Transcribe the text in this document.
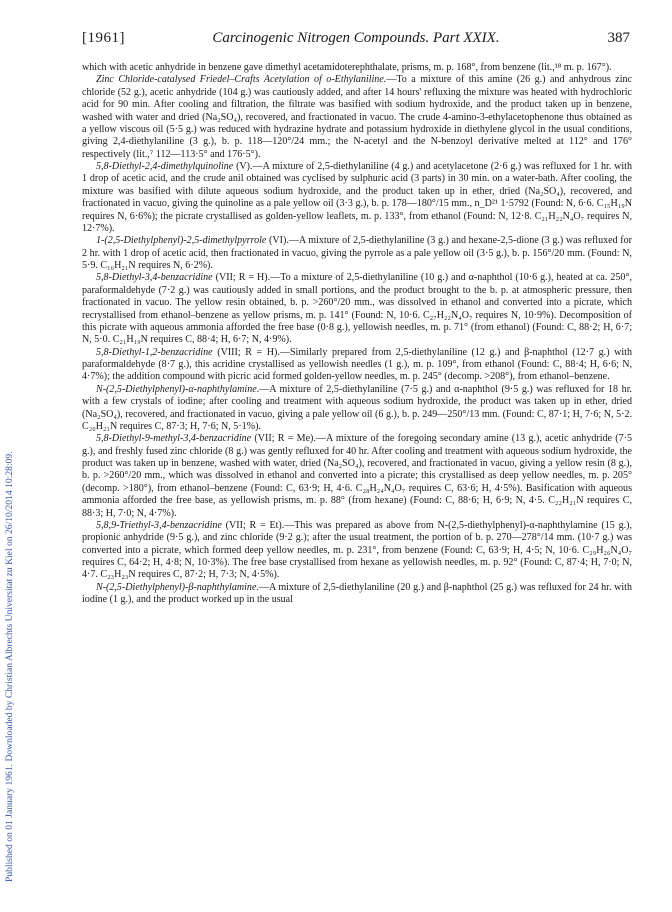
Published on 01 January 1961. Downloaded by Christian Albrechts Universitat zu Kiel on 26/10/2014 10:28:09.
[1961]	Carcinogenic Nitrogen Compounds. Part XXIX.	387

which with acetic anhydride in benzene gave dimethyl acetamidoterephthalate, prisms, m. p. 168°, from benzene (lit.,¹⁸ m. p. 167°).

Zinc Chloride-catalysed Friedel–Crafts Acetylation of o-Ethylaniline.—To a mixture of this amine (26 g.) and anhydrous zinc chloride (52 g.), acetic anhydride (104 g.) was cautiously added, and after 14 hours' refluxing the mixture was heated with hydrochloric acid for 90 min. After cooling and filtration, the filtrate was basified with sodium hydroxide, and the product taken up in benzene, washed with water and dried (Na₂SO₄), recovered, and fractionated in vacuo. The crude 4-amino-3-ethylacetophenone thus obtained as a yellow viscous oil (5·5 g.) was reduced with hydrazine hydrate and potassium hydroxide in diethylene glycol in the usual conditions, giving 2,4-diethylaniline (3 g.), b. p. 118—120°/24 mm.; the N-acetyl and the N-benzoyl derivative melted at 112° and 176° respectively (lit.,⁷ 112—113·5° and 176·5°).

5,8-Diethyl-2,4-dimethylquinoline (V).—A mixture of 2,5-diethylaniline (4 g.) and acetylacetone (2·6 g.) was refluxed for 1 hr. with 1 drop of acetic acid, and the crude anil obtained was cyclised by sulphuric acid (3 parts) in 30 min. on a water-bath. After cooling, the mixture was basified with dilute aqueous sodium hydroxide, and the product taken up in ether, dried (Na₂SO₄), recovered, and fractionated in vacuo, giving the quinoline as a pale yellow oil (3·3 g.), b. p. 178—180°/15 mm., n_D²¹ 1·5792 (Found: N, 6·6. C₁₅H₁₉N requires N, 6·6%); the picrate crystallised as golden-yellow leaflets, m. p. 133°, from ethanol (Found: N, 12·8. C₂₁H₂₂N₄O₇ requires N, 12·7%).

1-(2,5-Diethylphenyl)-2,5-dimethylpyrrole (VI).—A mixture of 2,5-diethylaniline (3 g.) and hexane-2,5-dione (3 g.) was refluxed for 2 hr. with 1 drop of acetic acid, then fractionated in vacuo, giving the pyrrole as a pale yellow oil (3·5 g.), b. p. 156°/20 mm. (Found: N, 5·9. C₁₆H₂₁N requires N, 6·2%).

5,8-Diethyl-3,4-benzacridine (VII; R = H).—To a mixture of 2,5-diethylaniline (10 g.) and α-naphthol (10·6 g.), heated at ca. 250°, paraformaldehyde (7·2 g.) was cautiously added in small portions, and the product brought to the b. p. at atmospheric pressure, then fractionated in vacuo. The yellow resin obtained, b. p. >260°/20 mm., was dissolved in ethanol and converted into a picrate, which recrystallised from ethanol–benzene as yellow prisms, m. p. 141° (Found: N, 10·6. C₂₇H₂₂N₄O₇ requires N, 10·9%). Decomposition of this picrate with aqueous ammonia afforded the free base (0·8 g.), yellowish needles, m. p. 71° (from ethanol) (Found: C, 88·2; H, 6·7; N, 5·0. C₂₁H₁₉N requires C, 88·4; H, 6·7; N, 4·9%).

5,8-Diethyl-1,2-benzacridine (VIII; R = H).—Similarly prepared from 2,5-diethylaniline (12 g.) and β-naphthol (12·7 g.) with paraformaldehyde (8·7 g.), this acridine crystallised as yellowish needles (1 g.), m. p. 109°, from ethanol (Found: C, 88·4; H, 6·6; N, 4·7%); the addition compound with picric acid formed golden-yellow needles, m. p. 245° (decomp. >208°), from ethanol–benzene.

N-(2,5-Diethylphenyl)-α-naphthylamine.—A mixture of 2,5-diethylaniline (7·5 g.) and α-naphthol (9·5 g.) was refluxed for 18 hr. with a few crystals of iodine; after cooling and treatment with aqueous sodium hydroxide, the product was taken up in ether, dried (Na₂SO₄), recovered, and fractionated in vacuo, giving a pale yellow oil (6 g.), b. p. 249—250°/13 mm. (Found: C, 87·1; H, 7·6; N, 5·2. C₂₀H₂₁N requires C, 87·3; H, 7·6; N, 5·1%).

5,8-Diethyl-9-methyl-3,4-benzacridine (VII; R = Me).—A mixture of the foregoing secondary amine (13 g.), acetic anhydride (7·5 g.), and freshly fused zinc chloride (8 g.) was gently refluxed for 40 hr. After cooling and treatment with aqueous sodium hydroxide, the product was taken up in benzene, washed with water, dried (Na₂SO₄), recovered, and fractionated in vacuo, giving a yellow resin (8 g.), b. p. >260°/20 mm., which was dissolved in ethanol and converted into a picrate; this crystallised as deep yellow needles, m. p. 205° (decomp. >180°), from ethanol–benzene (Found: C, 63·9; H, 4·6. C₂₈H₂₄N₄O₇ requires C, 63·6; H, 4·5%). Basification with aqueous ammonia afforded the free base, as yellowish prisms, m. p. 88° (from hexane) (Found: C, 88·6; H, 6·9; N, 4·5. C₂₂H₂₁N requires C, 88·3; H, 7·0; N, 4·7%).

5,8,9-Triethyl-3,4-benzacridine (VII; R = Et).—This was prepared as above from N-(2,5-diethylphenyl)-α-naphthylamine (15 g.), propionic anhydride (9·5 g.), and zinc chloride (9·2 g.); after the usual treatment, the portion of b. p. 270—278°/14 mm. (10·7 g.) was converted into a picrate, which formed deep yellow needles, m. p. 231°, from benzene (Found: C, 63·9; H, 4·5; N, 10·6. C₂₉H₂₆N₄O₇ requires C, 64·2; H, 4·8; N, 10·3%). The free base crystallised from hexane as yellowish needles, m. p. 92° (Found: C, 87·4; H, 7·0; N, 4·7. C₂₃H₂₃N requires C, 87·2; H, 7·3; N, 4·5%).

N-(2,5-Diethylphenyl)-β-naphthylamine.—A mixture of 2,5-diethylaniline (20 g.) and β-naphthol (25 g.) was refluxed for 24 hr. with iodine (1 g.), and the product worked up in the usual
